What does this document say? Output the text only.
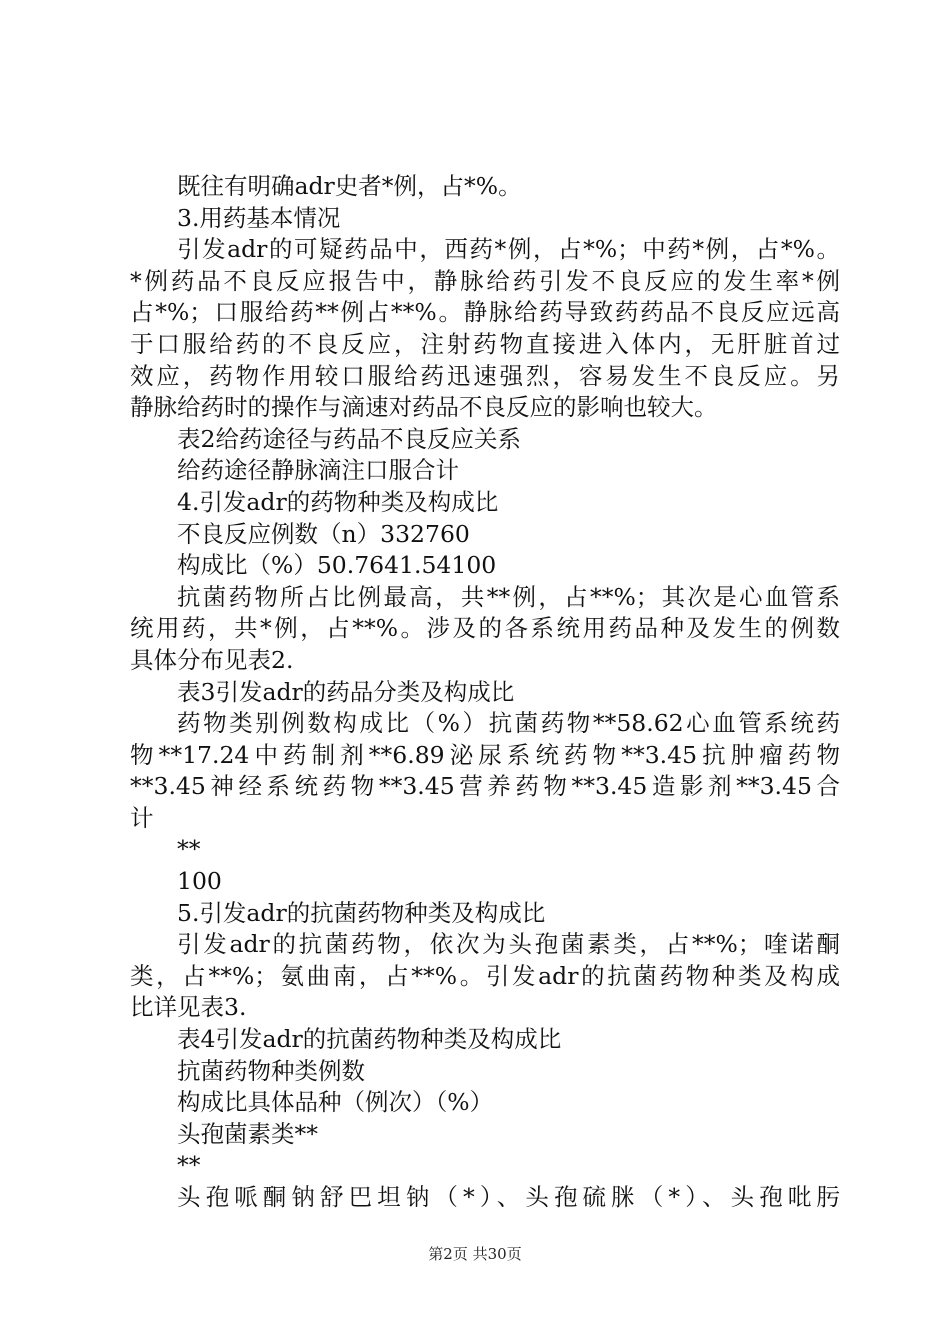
既往有明确adr史者*例，占*%。
3.用药基本情况
引发adr的可疑药品中，西药*例，占*%；中药*例，占*%。
*例药品不良反应报告中，静脉给药引发不良反应的发生率*例
占*%；口服给药**例占**%。静脉给药导致药药品不良反应远高
于口服给药的不良反应，注射药物直接进入体内，无肝脏首过
效应，药物作用较口服给药迅速强烈，容易发生不良反应。另
静脉给药时的操作与滴速对药品不良反应的影响也较大。
表2给药途径与药品不良反应关系
给药途径静脉滴注口服合计
4.引发adr的药物种类及构成比
不良反应例数（n）332760
构成比（%）50.7641.54100
抗菌药物所占比例最高，共**例，占**%；其次是心血管系
统用药，共*例，占**%。涉及的各系统用药品种及发生的例数
具体分布见表2.
表3引发adr的药品分类及构成比
药物类别例数构成比（%）抗菌药物**58.62心血管系统药
物**17.24中药制剂**6.89泌尿系统药物**3.45抗肿瘤药物
**3.45神经系统药物**3.45营养药物**3.45造影剂**3.45合
计
**
100
5.引发adr的抗菌药物种类及构成比
引发adr的抗菌药物，依次为头孢菌素类，占**%；喹诺酮
类，占**%；氨曲南，占**%。引发adr的抗菌药物种类及构成
比详见表3.
表4引发adr的抗菌药物种类及构成比
抗菌药物种类例数
构成比具体品种（例次）（%）
头孢菌素类**
**
头孢哌酮钠舒巴坦钠（*）、头孢硫脒（*）、头孢吡肟
第2页 共30页
